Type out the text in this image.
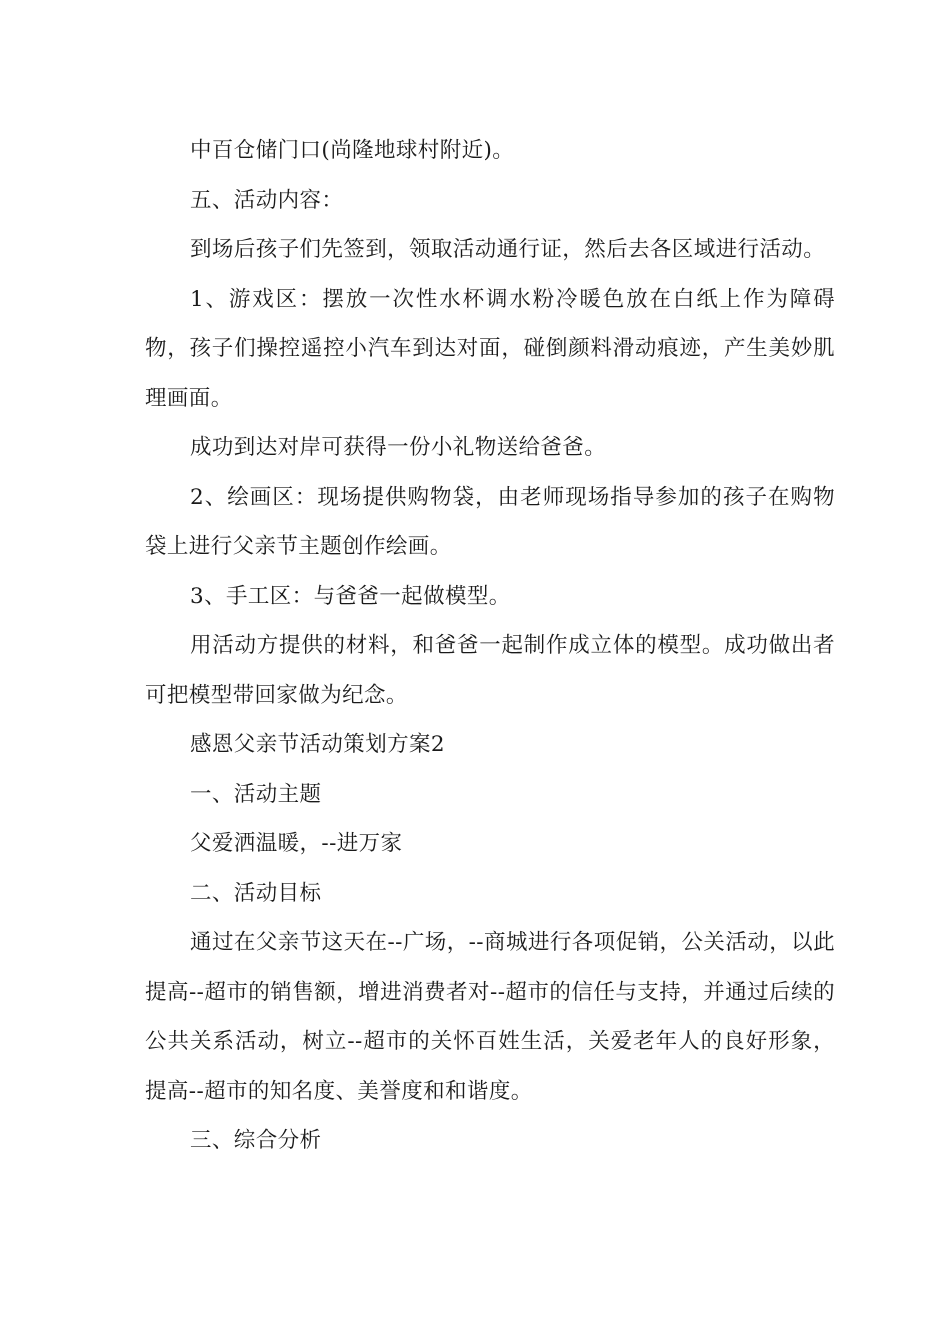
中百仓储门口(尚隆地球村附近)。

五、活动内容：

到场后孩子们先签到，领取活动通行证，然后去各区域进行活动。

1、游戏区：摆放一次性水杯调水粉冷暖色放在白纸上作为障碍物，孩子们操控遥控小汽车到达对面，碰倒颜料滑动痕迹，产生美妙肌理画面。

成功到达对岸可获得一份小礼物送给爸爸。

2、绘画区：现场提供购物袋，由老师现场指导参加的孩子在购物袋上进行父亲节主题创作绘画。

3、手工区：与爸爸一起做模型。

用活动方提供的材料，和爸爸一起制作成立体的模型。成功做出者可把模型带回家做为纪念。

感恩父亲节活动策划方案2

一、活动主题

父爱洒温暖，--进万家

二、活动目标

通过在父亲节这天在--广场，--商城进行各项促销，公关活动，以此提高--超市的销售额，增进消费者对--超市的信任与支持，并通过后续的公共关系活动，树立--超市的关怀百姓生活，关爱老年人的良好形象，提高--超市的知名度、美誉度和和谐度。

三、综合分析
